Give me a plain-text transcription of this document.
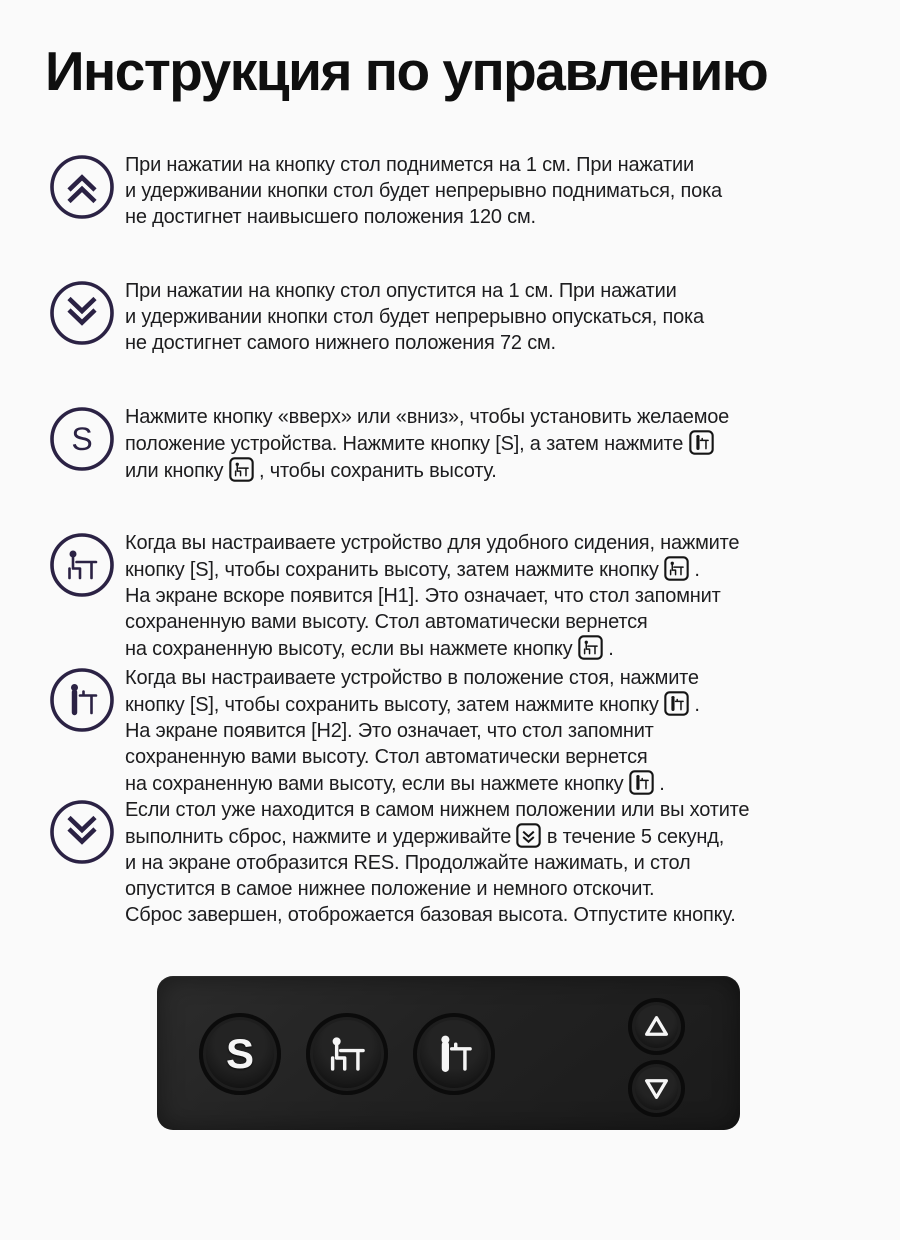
Инструкция по управлению
При нажатии на кнопку стол поднимется на 1 см. При нажатии
и удерживании кнопки стол будет непрерывно подниматься, пока
не достигнет наивысшего положения 120 см.
При нажатии на кнопку стол опустится на 1 см. При нажатии
и удерживании кнопки стол будет непрерывно опускаться, пока
не достигнет самого нижнего положения 72 см.
S
Нажмите кнопку «вверх» или «вниз», чтобы установить желаемое
положение устройства. Нажмите кнопку [S], а затем нажмите
или кнопку  , чтобы сохранить высоту.
Когда вы настраиваете устройство для удобного сидения, нажмите
кнопку [S], чтобы сохранить высоту, затем нажмите кнопку  .
На экране вскоре появится [H1]. Это означает, что стол запомнит
сохраненную вами высоту. Стол автоматически вернется
на сохраненную высоту, если вы нажмете кнопку  .
Когда вы настраиваете устройство в положение стоя, нажмите
кнопку [S], чтобы сохранить высоту, затем нажмите кнопку  .
На экране появится [H2]. Это означает, что стол запомнит
сохраненную вами высоту. Стол автоматически вернется
на сохраненную вами высоту, если вы нажмете кнопку  .
Если стол уже находится в самом нижнем положении или вы хотите
выполнить сброс, нажмите и удерживайте  в течение 5 секунд,
и на экране отобразится RES. Продолжайте нажимать, и стол
опустится в самое нижнее положение и немного отскочит.
Сброс завершен, отоброжается базовая высота. Отпустите кнопку.
S
